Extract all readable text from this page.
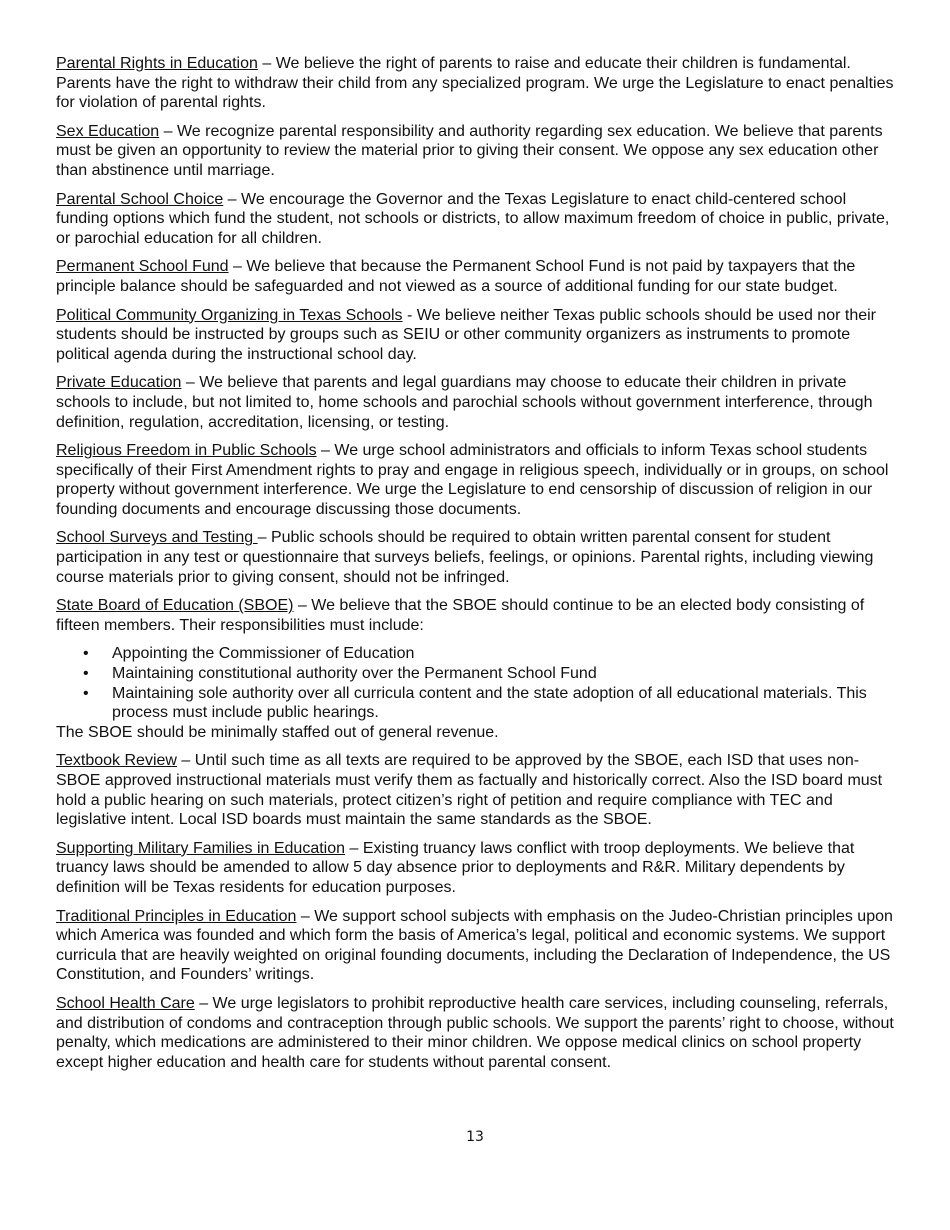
Parental Rights in Education – We believe the right of parents to raise and educate their children is fundamental. Parents have the right to withdraw their child from any specialized program. We urge the Legislature to enact penalties for violation of parental rights.

Sex Education – We recognize parental responsibility and authority regarding sex education. We believe that parents must be given an opportunity to review the material prior to giving their consent. We oppose any sex education other than abstinence until marriage.

Parental School Choice – We encourage the Governor and the Texas Legislature to enact child-centered school funding options which fund the student, not schools or districts, to allow maximum freedom of choice in public, private, or parochial education for all children.

Permanent School Fund – We believe that because the Permanent School Fund is not paid by taxpayers that the principle balance should be safeguarded and not viewed as a source of additional funding for our state budget.

Political Community Organizing in Texas Schools - We believe neither Texas public schools should be used nor their students should be instructed by groups such as SEIU or other community organizers as instruments to promote political agenda during the instructional school day.

Private Education – We believe that parents and legal guardians may choose to educate their children in private schools to include, but not limited to, home schools and parochial schools without government interference, through definition, regulation, accreditation, licensing, or testing.

Religious Freedom in Public Schools – We urge school administrators and officials to inform Texas school students specifically of their First Amendment rights to pray and engage in religious speech, individually or in groups, on school property without government interference. We urge the Legislature to end censorship of discussion of religion in our founding documents and encourage discussing those documents.

School Surveys and Testing – Public schools should be required to obtain written parental consent for student participation in any test or questionnaire that surveys beliefs, feelings, or opinions. Parental rights, including viewing course materials prior to giving consent, should not be infringed.

State Board of Education (SBOE) – We believe that the SBOE should continue to be an elected body consisting of fifteen members. Their responsibilities must include:

• Appointing the Commissioner of Education
• Maintaining constitutional authority over the Permanent School Fund
• Maintaining sole authority over all curricula content and the state adoption of all educational materials. This process must include public hearings.

The SBOE should be minimally staffed out of general revenue.

Textbook Review – Until such time as all texts are required to be approved by the SBOE, each ISD that uses non-SBOE approved instructional materials must verify them as factually and historically correct. Also the ISD board must hold a public hearing on such materials, protect citizen’s right of petition and require compliance with TEC and legislative intent. Local ISD boards must maintain the same standards as the SBOE.

Supporting Military Families in Education – Existing truancy laws conflict with troop deployments. We believe that truancy laws should be amended to allow 5 day absence prior to deployments and R&R. Military dependents by definition will be Texas residents for education purposes.

Traditional Principles in Education – We support school subjects with emphasis on the Judeo-Christian principles upon which America was founded and which form the basis of America’s legal, political and economic systems. We support curricula that are heavily weighted on original founding documents, including the Declaration of Independence, the US Constitution, and Founders’ writings.

School Health Care – We urge legislators to prohibit reproductive health care services, including counseling, referrals, and distribution of condoms and contraception through public schools. We support the parents’ right to choose, without penalty, which medications are administered to their minor children. We oppose medical clinics on school property except higher education and health care for students without parental consent.

13
